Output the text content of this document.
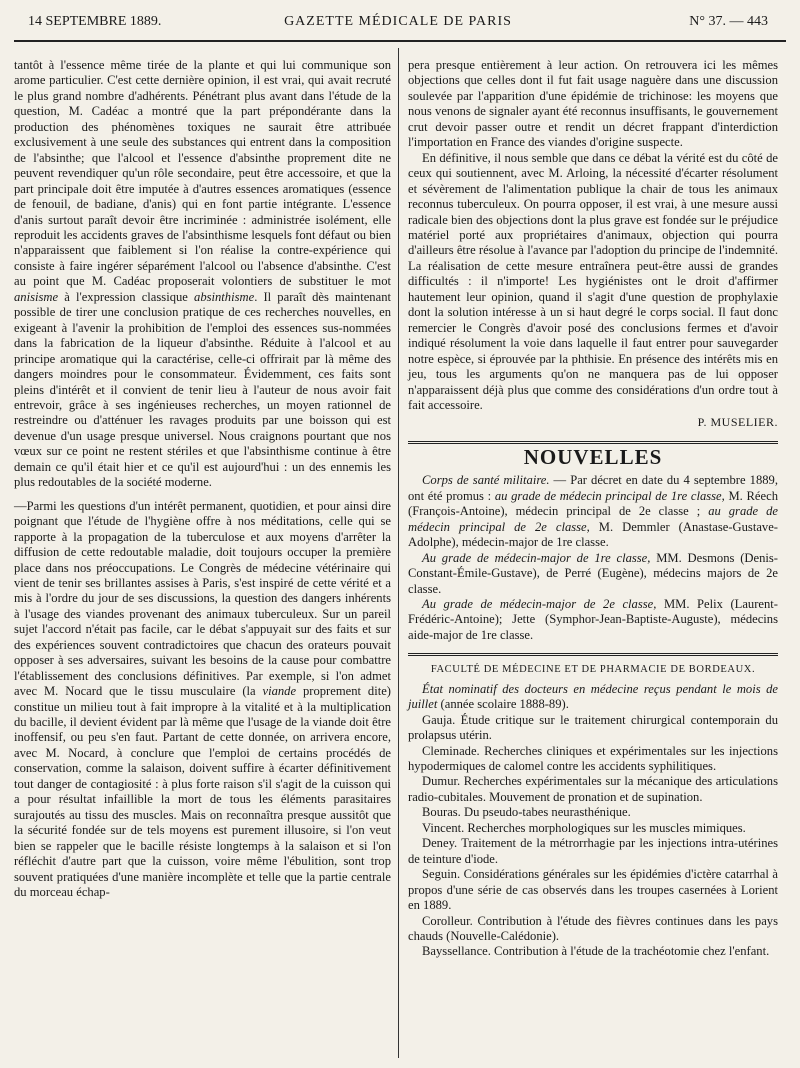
14 SEPTEMBRE 1889.	GAZETTE MÉDICALE DE PARIS	N° 37. — 443

tantôt à l'essence même tirée de la plante et qui lui communique son arome particulier. C'est cette dernière opinion, il est vrai, qui avait recruté le plus grand nombre d'adhérents. Pénétrant plus avant dans l'étude de la question, M. Cadéac a montré que la part prépondérante dans la production des phénomènes toxiques ne saurait être attribuée exclusivement à une seule des substances qui entrent dans la composition de l'absinthe; que l'alcool et l'essence d'absinthe proprement dite ne peuvent revendiquer qu'un rôle secondaire, peut être accessoire, et que la part principale doit être imputée à d'autres essences aromatiques (essence de fenouil, de badiane, d'anis) qui en font partie intégrante. L'essence d'anis surtout paraît devoir être incriminée : administrée isolément, elle reproduit les accidents graves de l'absinthisme lesquels font défaut ou bien n'apparaissent que faiblement si l'on réalise la contre-expérience qui consiste à faire ingérer séparément l'alcool ou l'absence d'absinthe. C'est au point que M. Cadéac proposerait volontiers de substituer le mot anisisme à l'expression classique absinthisme. Il paraît dès maintenant possible de tirer une conclusion pratique de ces recherches nouvelles, en exigeant à l'avenir la prohibition de l'emploi des essences sus-nommées dans la fabrication de la liqueur d'absinthe. Réduite à l'alcool et au principe aromatique qui la caractérise, celle-ci offrirait par là même des dangers moindres pour le consommateur. Évidemment, ces faits sont pleins d'intérêt et il convient de tenir lieu à l'auteur de nous avoir fait entrevoir, grâce à ses ingénieuses recherches, un moyen rationnel de restreindre ou d'atténuer les ravages produits par une boisson qui est devenue d'un usage presque universel. Nous craignons pourtant que nos vœux sur ce point ne restent stériles et que l'absinthisme continue à être demain ce qu'il était hier et ce qu'il est aujourd'hui : un des ennemis les plus redoutables de la société moderne.

—Parmi les questions d'un intérêt permanent, quotidien, et pour ainsi dire poignant que l'étude de l'hygiène offre à nos méditations, celle qui se rapporte à la propagation de la tuberculose et aux moyens d'arrêter la diffusion de cette redoutable maladie, doit toujours occuper la première place dans nos préoccupations. Le Congrès de médecine vétérinaire qui vient de tenir ses brillantes assises à Paris, s'est inspiré de cette vérité et a mis à l'ordre du jour de ses discussions, la question des dangers inhérents à l'usage des viandes provenant des animaux tuberculeux. Sur un pareil sujet l'accord n'était pas facile, car le débat s'appuyait sur des faits et sur des expériences souvent contradictoires que chacun des orateurs pouvait opposer à ses adversaires, suivant les besoins de la cause pour combattre l'établissement des conclusions définitives. Par exemple, si l'on admet avec M. Nocard que le tissu musculaire (la viande proprement dite) constitue un milieu tout à fait impropre à la vitalité et à la multiplication du bacille, il devient évident par là même que l'usage de la viande doit être inoffensif, ou peu s'en faut. Partant de cette donnée, on arrivera encore, avec M. Nocard, à conclure que l'emploi de certains procédés de conservation, comme la salaison, doivent suffire à écarter définitivement tout danger de contagiosité : à plus forte raison s'il s'agit de la cuisson qui a pour résultat infaillible la mort de tous les éléments parasitaires surajoutés au tissu des muscles. Mais on reconnaîtra presque aussitôt que la sécurité fondée sur de tels moyens est purement illusoire, si l'on veut bien se rappeler que le bacille résiste longtemps à la salaison et si l'on réfléchit d'autre part que la cuisson, voire même l'ébulition, sont trop souvent pratiquées d'une manière incomplète et telle que la partie centrale du morceau échap-

pera presque entièrement à leur action. On retrouvera ici les mêmes objections que celles dont il fut fait usage naguère dans une discussion soulevée par l'apparition d'une épidémie de trichinose: les moyens que nous venons de signaler ayant été reconnus insuffisants, le gouvernement crut devoir passer outre et rendit un décret frappant d'interdiction l'importation en France des viandes d'origine suspecte.

En définitive, il nous semble que dans ce débat la vérité est du côté de ceux qui soutiennent, avec M. Arloing, la nécessité d'écarter résolument et sévèrement de l'alimentation publique la chair de tous les animaux reconnus tuberculeux. On pourra opposer, il est vrai, à une mesure aussi radicale bien des objections dont la plus grave est fondée sur le préjudice matériel porté aux propriétaires d'animaux, objection qui pourra d'ailleurs être résolue à l'avance par l'adoption du principe de l'indemnité. La réalisation de cette mesure entraînera peut-être aussi de grandes difficultés : il n'importe! Les hygiénistes ont le droit d'affirmer hautement leur opinion, quand il s'agit d'une question de prophylaxie dont la solution intéresse à un si haut degré le corps social. Il faut donc remercier le Congrès d'avoir posé des conclusions fermes et d'avoir indiqué résolument la voie dans laquelle il faut entrer pour sauvegarder notre espèce, si éprouvée par la phthisie. En présence des intérêts mis en jeu, tous les arguments qu'on ne manquera pas de lui opposer n'apparaissent déjà plus que comme des considérations d'un ordre tout à fait accessoire.

P. MUSELIER.
NOUVELLES

Corps de santé militaire. — Par décret en date du 4 septembre 1889, ont été promus : au grade de médecin principal de 1re classe, M. Réech (François-Antoine), médecin principal de 2e classe ; au grade de médecin principal de 2e classe, M. Demmler (Anastase-Gustave-Adolphe), médecin-major de 1re classe.

Au grade de médecin-major de 1re classe, MM. Desmons (Denis-Constant-Émile-Gustave), de Perré (Eugène), médecins majors de 2e classe.

Au grade de médecin-major de 2e classe, MM. Pelix (Laurent-Frédéric-Antoine); Jette (Symphor-Jean-Baptiste-Auguste), médecins aide-major de 1re classe.

FACULTÉ DE MÉDECINE ET DE PHARMACIE DE BORDEAUX.

État nominatif des docteurs en médecine reçus pendant le mois de juillet (année scolaire 1888-89).

Gauja. Étude critique sur le traitement chirurgical contemporain du prolapsus utérin.

Cleminade. Recherches cliniques et expérimentales sur les injections hypodermiques de calomel contre les accidents syphilitiques.

Dumur. Recherches expérimentales sur la mécanique des articulations radio-cubitales. Mouvement de pronation et de supination.

Bouras. Du pseudo-tabes neurasthénique.

Vincent. Recherches morphologiques sur les muscles mimiques.

Deney. Traitement de la métrorrhagie par les injections intra-utérines de teinture d'iode.

Seguin. Considérations générales sur les épidémies d'ictère catarrhal à propos d'une série de cas observés dans les troupes casernées à Lorient en 1889.

Corolleur. Contribution à l'étude des fièvres continues dans les pays chauds (Nouvelle-Calédonie).

Bayssellance. Contribution à l'étude de la trachéotomie chez l'enfant.
